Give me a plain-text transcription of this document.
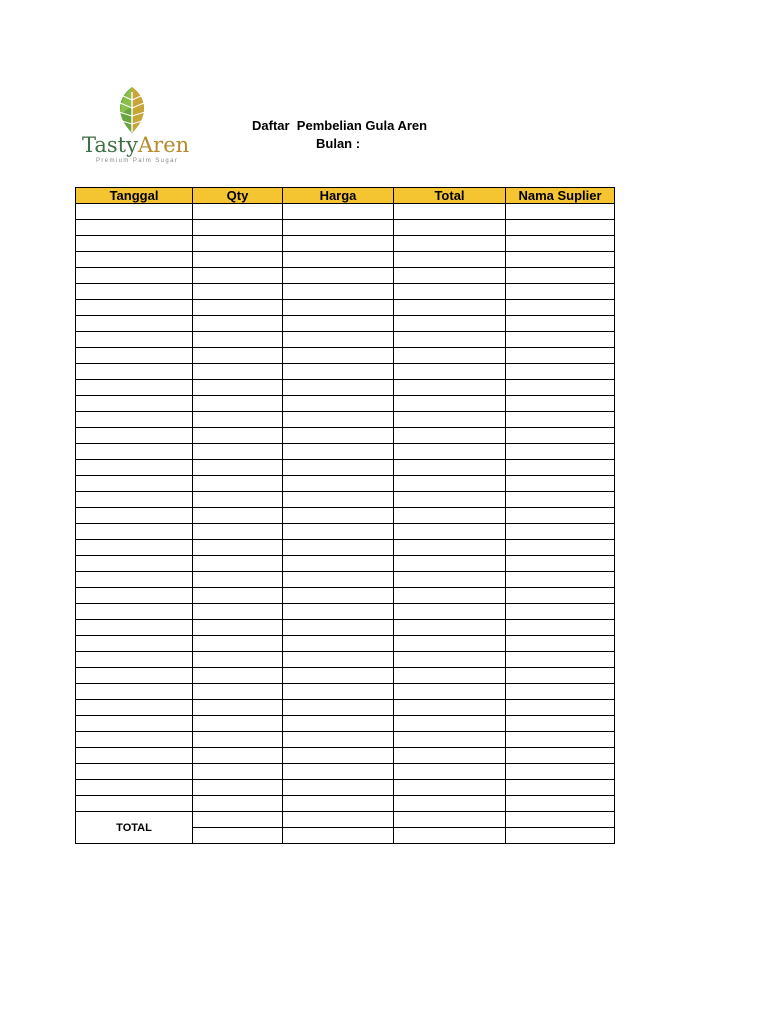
TastyAren
Premium Palm Sugar
Daftar  Pembelian Gula Aren
Bulan :
Tanggal	Qty	Harga	Total	Nama Suplier

TOTAL				
